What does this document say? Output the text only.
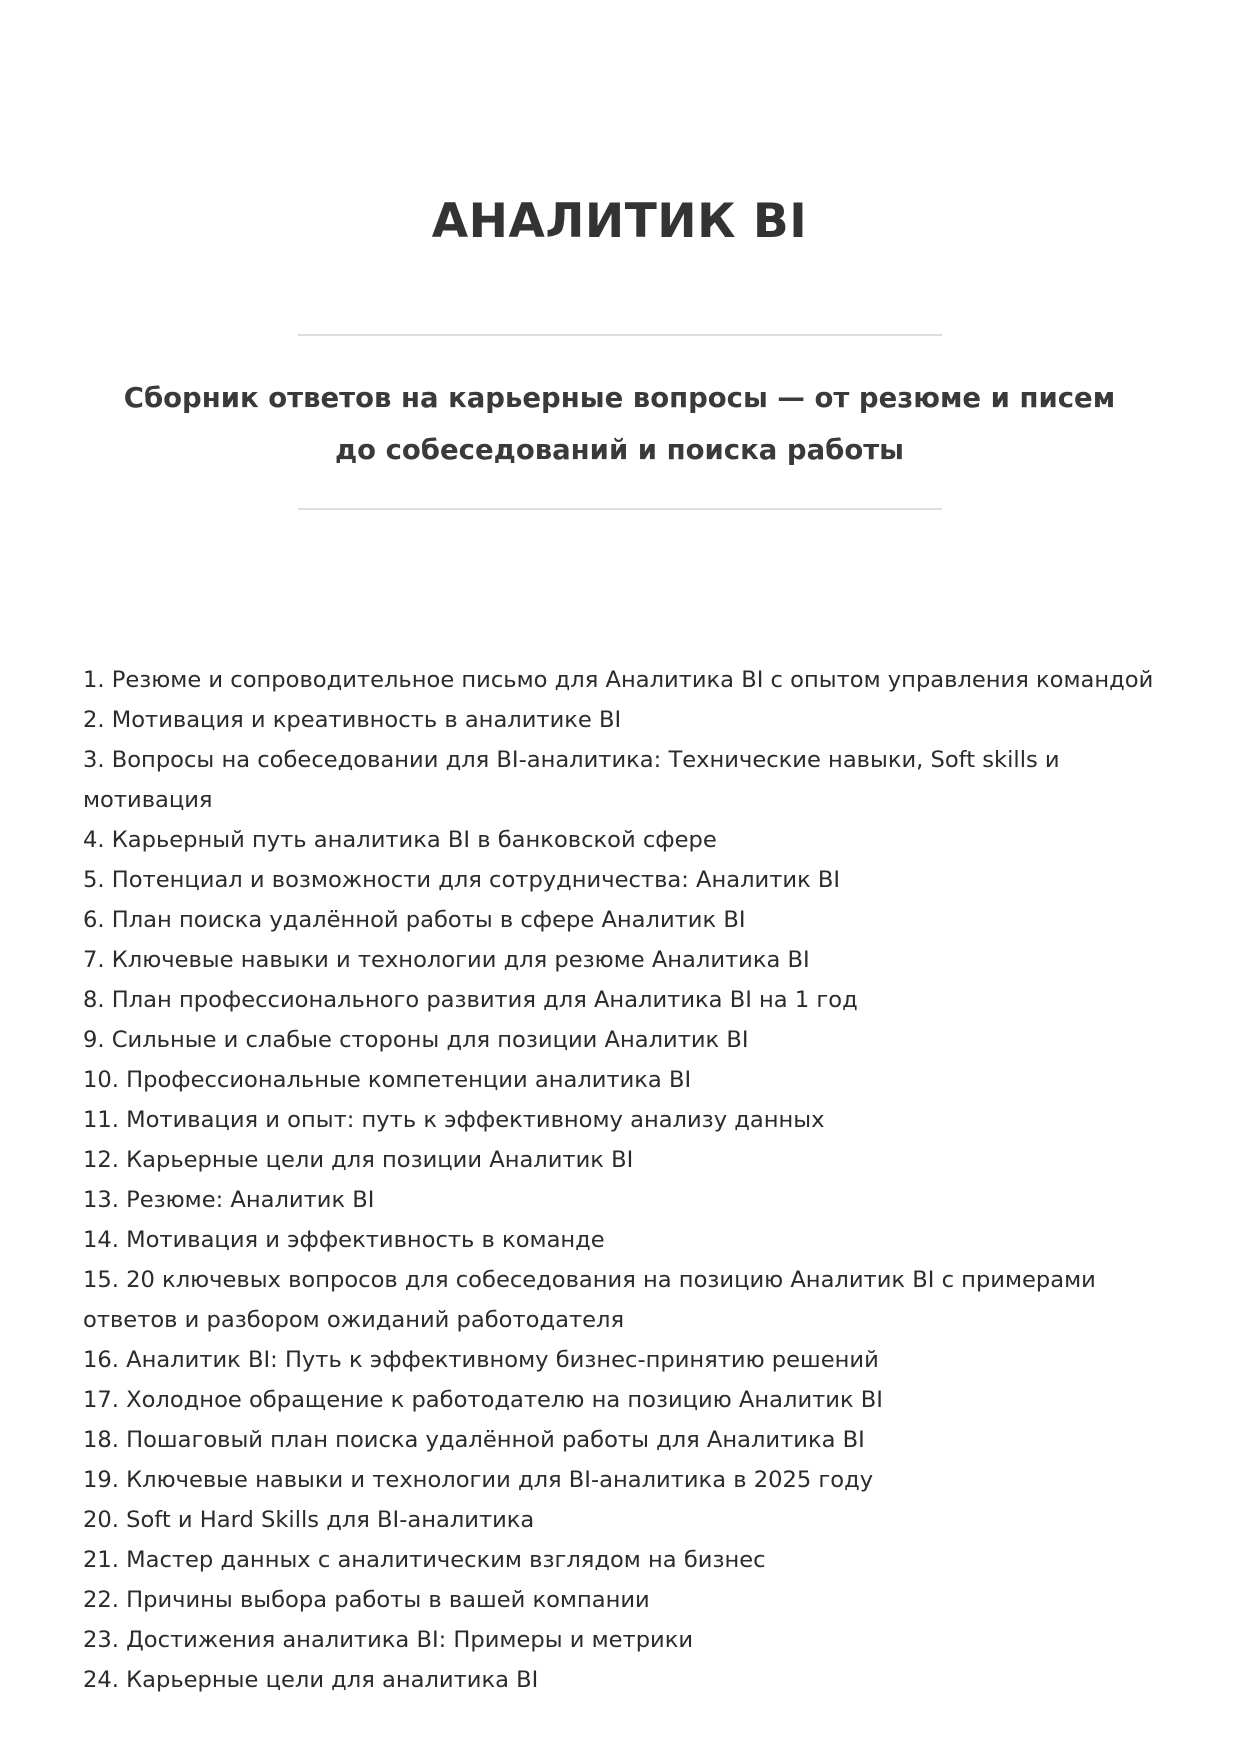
АНАЛИТИК BI

Сборник ответов на карьерные вопросы — от резюме и писем до собеседований и поиска работы

1. Резюме и сопроводительное письмо для Аналитика BI с опытом управления командой
2. Мотивация и креативность в аналитике BI
3. Вопросы на собеседовании для BI-аналитика: Технические навыки, Soft skills и мотивация
4. Карьерный путь аналитика BI в банковской сфере
5. Потенциал и возможности для сотрудничества: Аналитик BI
6. План поиска удалённой работы в сфере Аналитик BI
7. Ключевые навыки и технологии для резюме Аналитика BI
8. План профессионального развития для Аналитика BI на 1 год
9. Сильные и слабые стороны для позиции Аналитик BI
10. Профессиональные компетенции аналитика BI
11. Мотивация и опыт: путь к эффективному анализу данных
12. Карьерные цели для позиции Аналитик BI
13. Резюме: Аналитик BI
14. Мотивация и эффективность в команде
15. 20 ключевых вопросов для собеседования на позицию Аналитик BI с примерами ответов и разбором ожиданий работодателя
16. Аналитик BI: Путь к эффективному бизнес-принятию решений
17. Холодное обращение к работодателю на позицию Аналитик BI
18. Пошаговый план поиска удалённой работы для Аналитика BI
19. Ключевые навыки и технологии для BI-аналитика в 2025 году
20. Soft и Hard Skills для BI-аналитика
21. Мастер данных с аналитическим взглядом на бизнес
22. Причины выбора работы в вашей компании
23. Достижения аналитика BI: Примеры и метрики
24. Карьерные цели для аналитика BI
